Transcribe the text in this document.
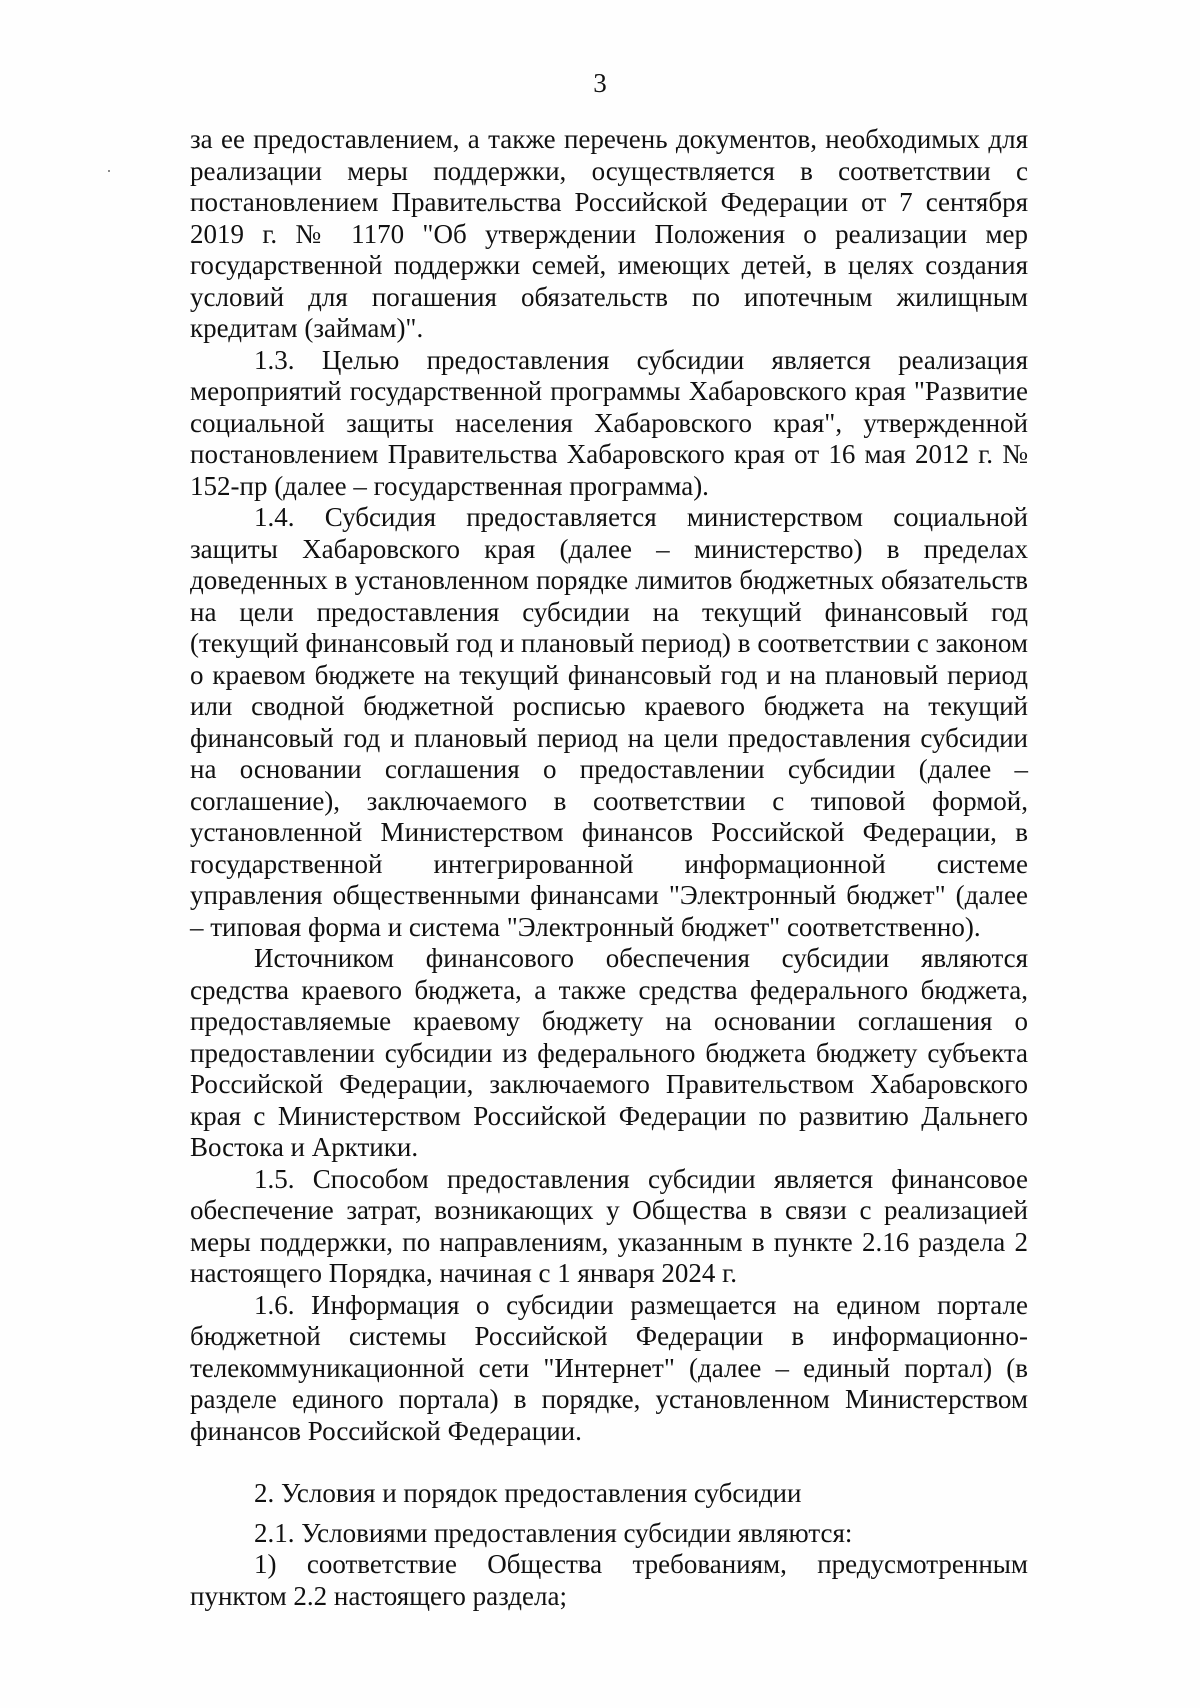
3

за ее предоставлением, а также перечень документов, необходимых для реализации меры поддержки, осуществляется в соответствии с постановлением Правительства Российской Федерации от 7 сентября 2019 г. № 1170 "Об утверждении Положения о реализации мер государственной поддержки семей, имеющих детей, в целях создания условий для погашения обязательств по ипотечным жилищным кредитам (займам)".

1.3. Целью предоставления субсидии является реализация мероприятий государственной программы Хабаровского края "Развитие социальной защиты населения Хабаровского края", утвержденной постановлением Правительства Хабаровского края от 16 мая 2012 г. № 152-пр (далее – государственная программа).

1.4. Субсидия предоставляется министерством социальной защиты Хабаровского края (далее – министерство) в пределах доведенных в установленном порядке лимитов бюджетных обязательств на цели предоставления субсидии на текущий финансовый год (текущий финансовый год и плановый период) в соответствии с законом о краевом бюджете на текущий финансовый год и на плановый период или сводной бюджетной росписью краевого бюджета на текущий финансовый год и плановый период на цели предоставления субсидии на основании соглашения о предоставлении субсидии (далее – соглашение), заключаемого в соответствии с типовой формой, установленной Министерством финансов Российской Федерации, в государственной интегрированной информационной системе управления общественными финансами "Электронный бюджет" (далее – типовая форма и система "Электронный бюджет" соответственно).

Источником финансового обеспечения субсидии являются средства краевого бюджета, а также средства федерального бюджета, предоставляемые краевому бюджету на основании соглашения о предоставлении субсидии из федерального бюджета бюджету субъекта Российской Федерации, заключаемого Правительством Хабаровского края с Министерством Российской Федерации по развитию Дальнего Востока и Арктики.

1.5. Способом предоставления субсидии является финансовое обеспечение затрат, возникающих у Общества в связи с реализацией меры поддержки, по направлениям, указанным в пункте 2.16 раздела 2 настоящего Порядка, начиная с 1 января 2024 г.

1.6. Информация о субсидии размещается на едином портале бюджетной системы Российской Федерации в информационно-телекоммуникационной сети "Интернет" (далее – единый портал) (в разделе единого портала) в порядке, установленном Министерством финансов Российской Федерации.

2. Условия и порядок предоставления субсидии

2.1. Условиями предоставления субсидии являются:

1) соответствие Общества требованиям, предусмотренным пунктом 2.2 настоящего раздела;
